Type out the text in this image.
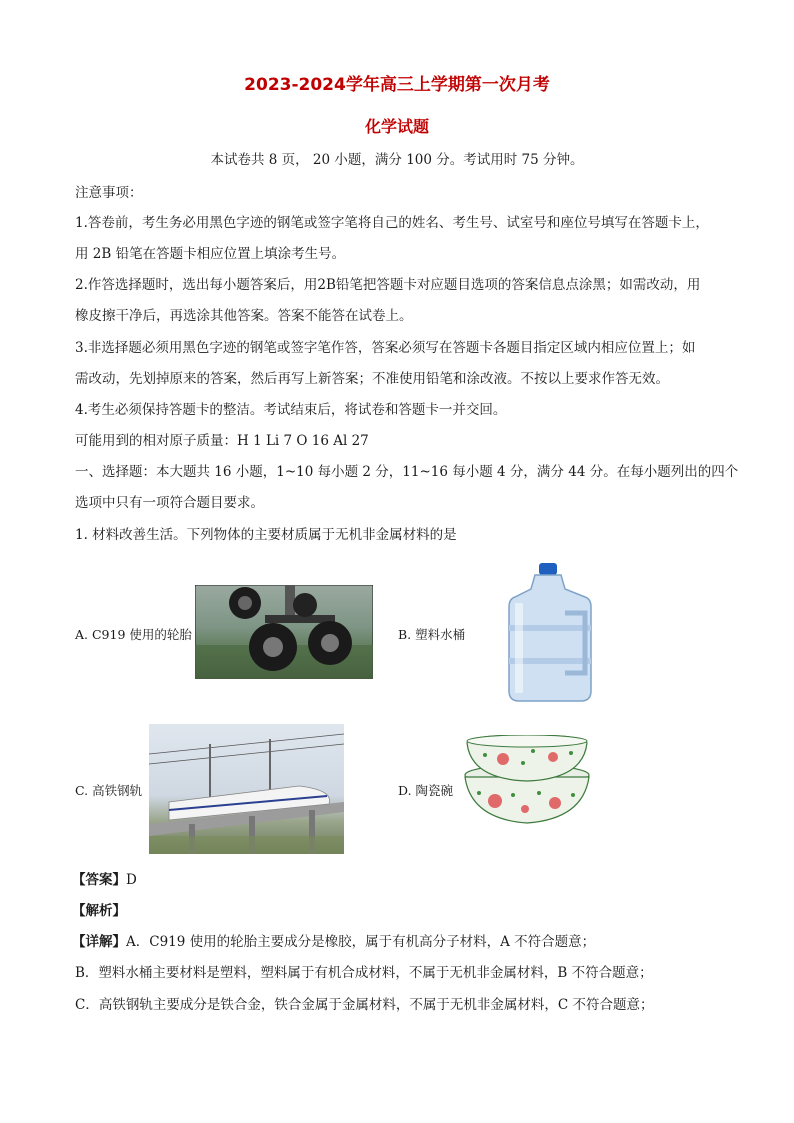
2023-2024学年高三上学期第一次月考
化学试题
本试卷共 8 页， 20 小题，满分 100 分。考试用时 75 分钟。
注意事项：
1.答卷前，考生务必用黑色字迹的钢笔或签字笔将自己的姓名、考生号、试室号和座位号填写在答题卡上，
用 2B 铅笔在答题卡相应位置上填涂考生号。
2.作答选择题时，选出每小题答案后，用2B铅笔把答题卡对应题目选项的答案信息点涂黑；如需改动，用
橡皮擦干净后，再选涂其他答案。答案不能答在试卷上。
3.非选择题必须用黑色字迹的钢笔或签字笔作答，答案必须写在答题卡各题目指定区域内相应位置上；如
需改动，先划掉原来的答案，然后再写上新答案；不准使用铅笔和涂改液。不按以上要求作答无效。
4.考生必须保持答题卡的整洁。考试结束后，将试卷和答题卡一并交回。
可能用到的相对原子质量：H 1 Li 7 O 16 Al 27
一、选择题：本大题共 16 小题，1~10 每小题 2 分，11~16 每小题 4 分，满分 44 分。在每小题列出的四个
选项中只有一项符合题目要求。
1. 材料改善生活。下列物体的主要材质属于无机非金属材料的是
A. C919 使用的轮胎	B. 塑料水桶
C. 高铁钢轨	D. 陶瓷碗
【答案】D
【解析】
【详解】A．C919 使用的轮胎主要成分是橡胶，属于有机高分子材料，A 不符合题意；
B．塑料水桶主要材料是塑料，塑料属于有机合成材料，不属于无机非金属材料，B 不符合题意；
C．高铁钢轨主要成分是铁合金，铁合金属于金属材料，不属于无机非金属材料，C 不符合题意；
